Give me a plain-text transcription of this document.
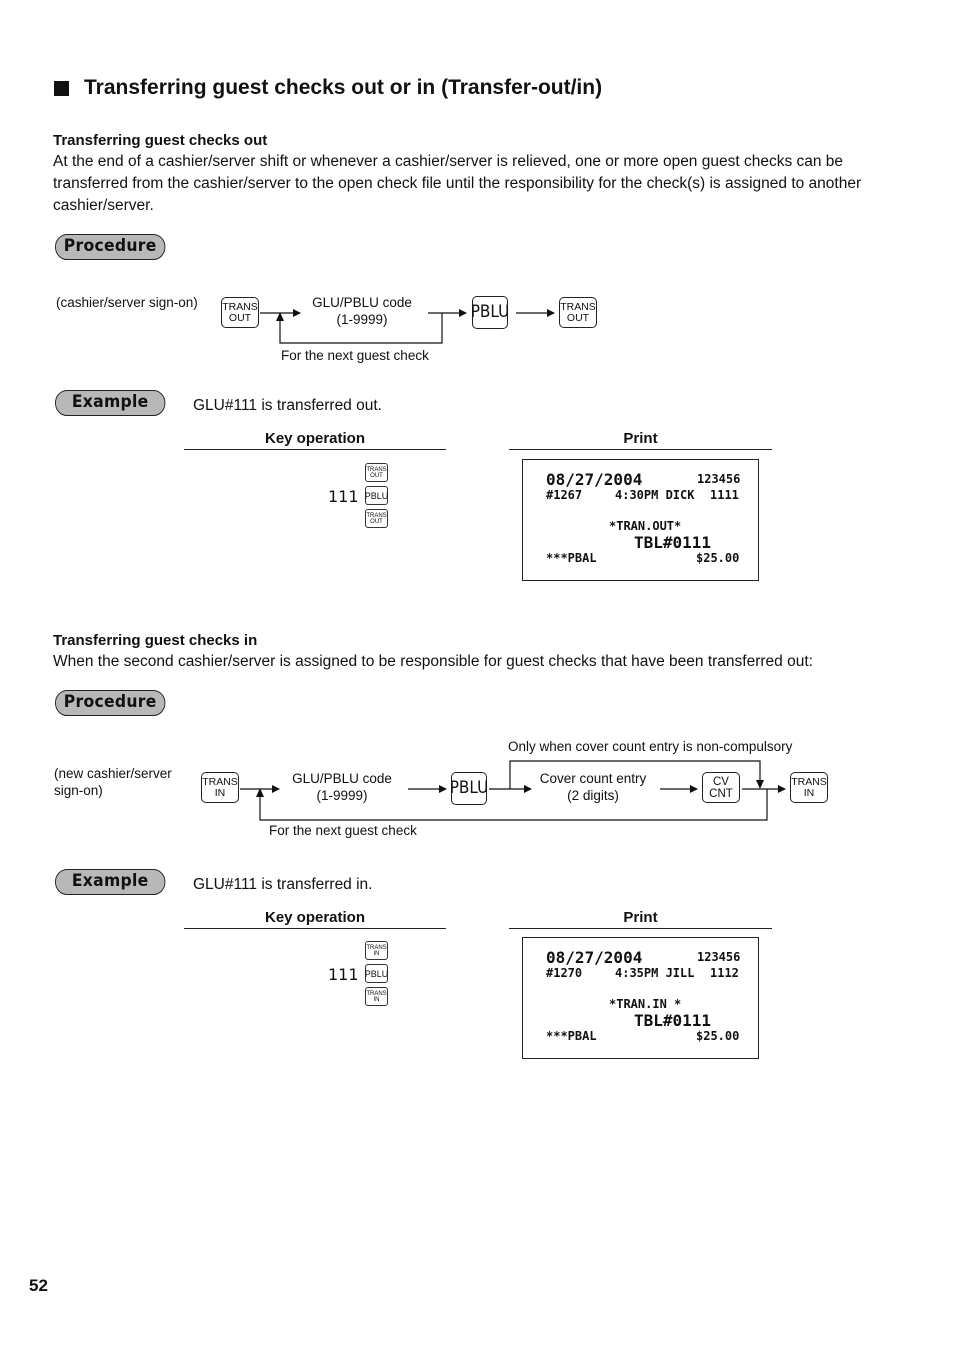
Transferring guest checks out or in (Transfer-out/in)
Transferring guest checks out
At the end of a cashier/server shift or whenever a cashier/server is relieved, one or more open guest checks can be transferred from the cashier/server to the open check file until the responsibility for the check(s) is assigned to another cashier/server.
Procedure
(cashier/server sign-on) TRANS
OUT
GLU/PBLU code
(1-9999)	PBLU	TRANS
OUT
For the next guest check
Example	GLU#111 is transferred out.
Key operation	Print
TRANS
OUT
111 PBLU
TRANS
OUT
08/27/2004	123456
#1267	4:30PM DICK 1111
*TRAN.OUT*
TBL#0111
***PBAL	$25.00
Transferring guest checks in
When the second cashier/server is assigned to be responsible for guest checks that have been transferred out:
Procedure
(new cashier/server
sign-on)
TRANS
IN
GLU/PBLU code
(1-9999)	PBLU
Only when cover count entry is non-compulsory
Cover count entry
(2 digits)
CV
CNT
TRANS
IN
For the next guest check
Example	GLU#111 is transferred in.
Key operation	Print
TRANS
IN
111 PBLU
TRANS
IN
08/27/2004	123456
#1270	4:35PM JILL 1112
*TRAN.IN *
TBL#0111
***PBAL	$25.00
52
